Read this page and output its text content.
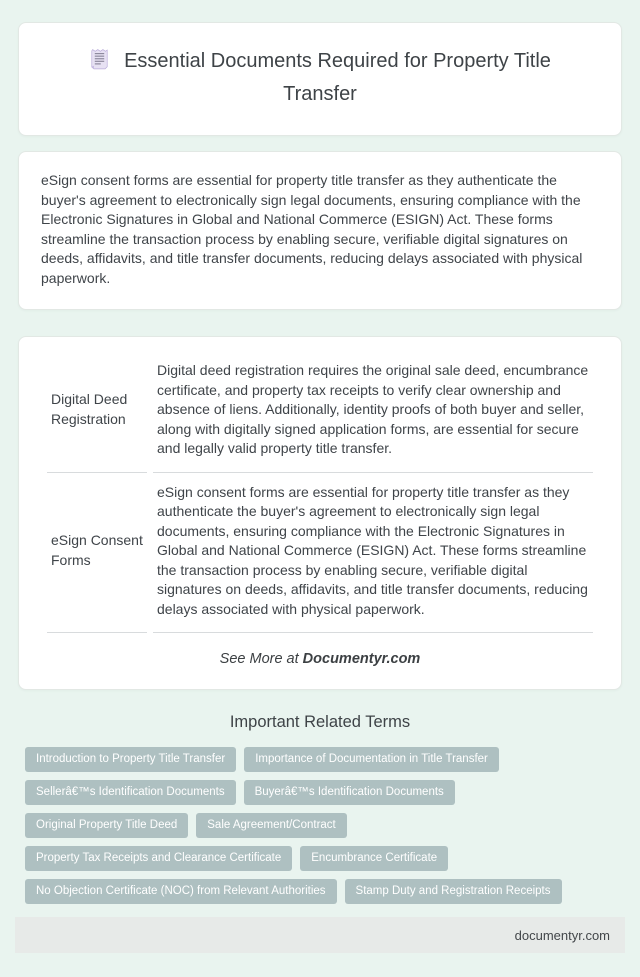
Essential Documents Required for Property Title Transfer

eSign consent forms are essential for property title transfer as they authenticate the buyer's agreement to electronically sign legal documents, ensuring compliance with the Electronic Signatures in Global and National Commerce (ESIGN) Act. These forms streamline the transaction process by enabling secure, verifiable digital signatures on deeds, affidavits, and title transfer documents, reducing delays associated with physical paperwork.

Digital Deed Registration	Digital deed registration requires the original sale deed, encumbrance certificate, and property tax receipts to verify clear ownership and absence of liens. Additionally, identity proofs of both buyer and seller, along with digitally signed application forms, are essential for secure and legally valid property title transfer.
eSign Consent Forms	eSign consent forms are essential for property title transfer as they authenticate the buyer's agreement to electronically sign legal documents, ensuring compliance with the Electronic Signatures in Global and National Commerce (ESIGN) Act. These forms streamline the transaction process by enabling secure, verifiable digital signatures on deeds, affidavits, and title transfer documents, reducing delays associated with physical paperwork.
See More at Documentyr.com
Important Related Terms
Introduction to Property Title Transfer	Importance of Documentation in Title Transfer
Sellerâ€™s Identification Documents	Buyerâ€™s Identification Documents
Original Property Title Deed	Sale Agreement/Contract
Property Tax Receipts and Clearance Certificate	Encumbrance Certificate
No Objection Certificate (NOC) from Relevant Authorities	Stamp Duty and Registration Receipts
documentyr.com
